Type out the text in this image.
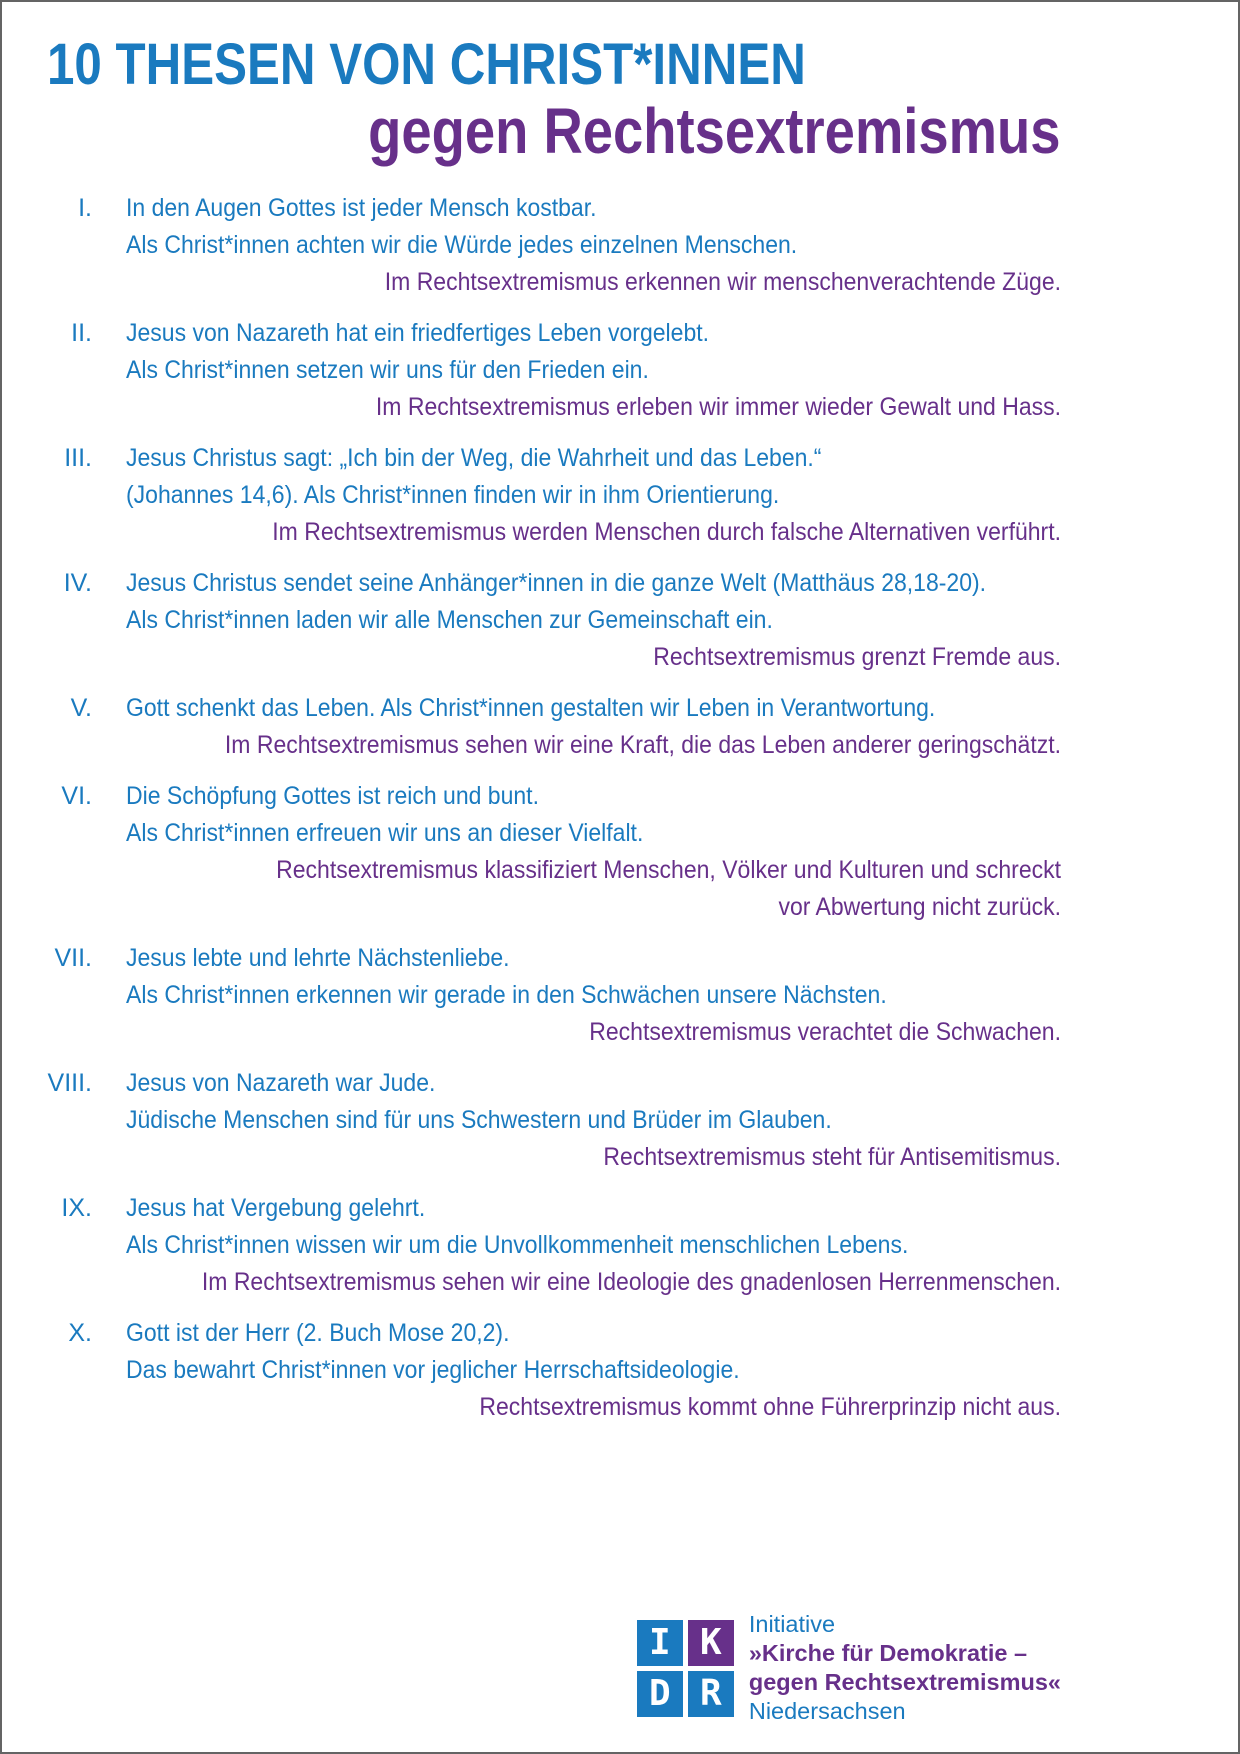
10 THESEN VON CHRIST*INNEN
gegen Rechtsextremismus
I. In den Augen Gottes ist jeder Mensch kostbar.
Als Christ*innen achten wir die Würde jedes einzelnen Menschen.
Im Rechtsextremismus erkennen wir menschenverachtende Züge.
II. Jesus von Nazareth hat ein friedfertiges Leben vorgelebt.
Als Christ*innen setzen wir uns für den Frieden ein.
Im Rechtsextremismus erleben wir immer wieder Gewalt und Hass.
III. Jesus Christus sagt: „Ich bin der Weg, die Wahrheit und das Leben.“
(Johannes 14,6). Als Christ*innen finden wir in ihm Orientierung.
Im Rechtsextremismus werden Menschen durch falsche Alternativen verführt.
IV. Jesus Christus sendet seine Anhänger*innen in die ganze Welt (Matthäus 28,18-20).
Als Christ*innen laden wir alle Menschen zur Gemeinschaft ein.
Rechtsextremismus grenzt Fremde aus.
V. Gott schenkt das Leben. Als Christ*innen gestalten wir Leben in Verantwortung.
Im Rechtsextremismus sehen wir eine Kraft, die das Leben anderer geringschätzt.
VI. Die Schöpfung Gottes ist reich und bunt.
Als Christ*innen erfreuen wir uns an dieser Vielfalt.
Rechtsextremismus klassifiziert Menschen, Völker und Kulturen und schreckt
vor Abwertung nicht zurück.
VII. Jesus lebte und lehrte Nächstenliebe.
Als Christ*innen erkennen wir gerade in den Schwächen unsere Nächsten.
Rechtsextremismus verachtet die Schwachen.
VIII. Jesus von Nazareth war Jude.
Jüdische Menschen sind für uns Schwestern und Brüder im Glauben.
Rechtsextremismus steht für Antisemitismus.
IX. Jesus hat Vergebung gelehrt.
Als Christ*innen wissen wir um die Unvollkommenheit menschlichen Lebens.
Im Rechtsextremismus sehen wir eine Ideologie des gnadenlosen Herrenmenschen.
X. Gott ist der Herr (2. Buch Mose 20,2).
Das bewahrt Christ*innen vor jeglicher Herrschaftsideologie.
Rechtsextremismus kommt ohne Führerprinzip nicht aus.
I K
D R
Initiative
»Kirche für Demokratie –
gegen Rechtsextremismus«
Niedersachsen
